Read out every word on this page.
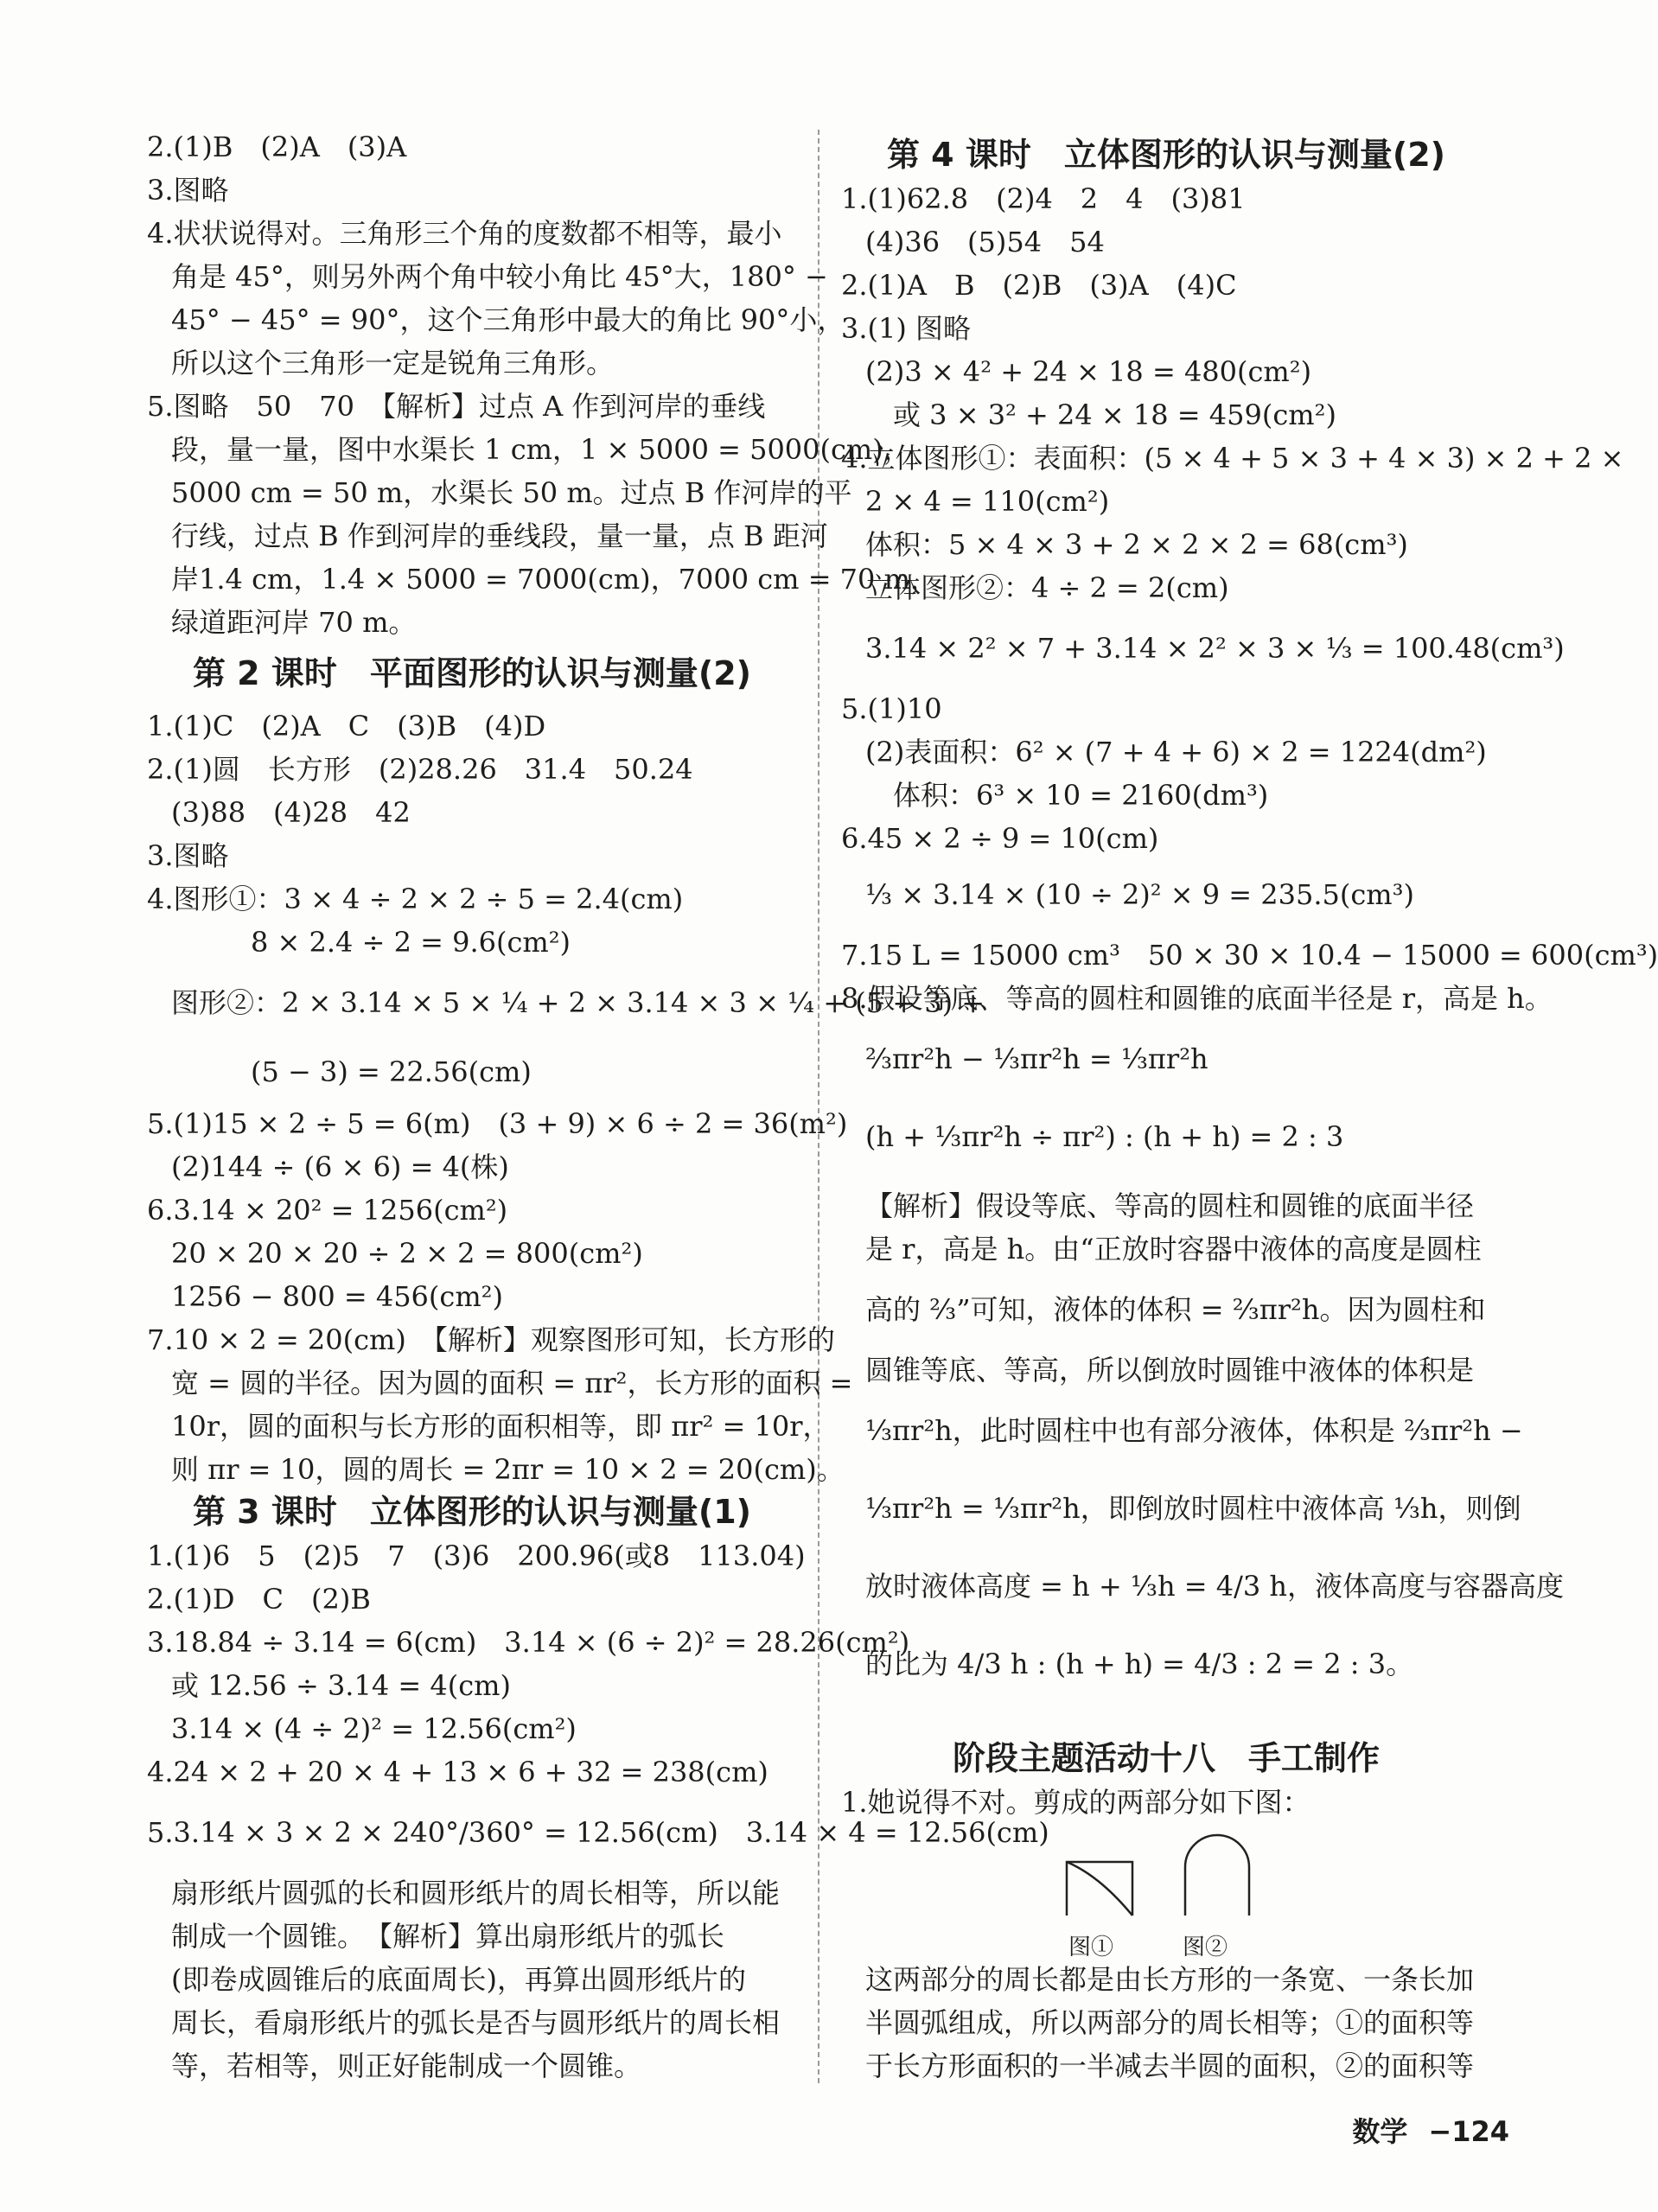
第 2 课时　平面图形的认识与测量(2)
第 3 课时　立体图形的认识与测量(1)
2.(1)B　(2)A　(3)A
3.图略
4.状状说得对。三角形三个角的度数都不相等，最小
角是 45°，则另外两个角中较小角比 45°大，180° −
45° − 45° = 90°，这个三角形中最大的角比 90°小，
所以这个三角形一定是锐角三角形。
5.图略　50　70　【解析】过点 A 作到河岸的垂线
段，量一量，图中水渠长 1 cm，1 × 5000 = 5000(cm)，
5000 cm = 50 m，水渠长 50 m。过点 B 作河岸的平
行线，过点 B 作到河岸的垂线段，量一量，点 B 距河
岸1.4 cm，1.4 × 5000 = 7000(cm)，7000 cm = 70 m，
绿道距河岸 70 m。
1.(1)C　(2)A　C　(3)B　(4)D
2.(1)圆　长方形　(2)28.26　31.4　50.24
(3)88　(4)28　42
3.图略
4.图形①：3 × 4 ÷ 2 × 2 ÷ 5 = 2.4(cm)
8 × 2.4 ÷ 2 = 9.6(cm²)
图形②：2 × 3.14 × 5 × ¼ + 2 × 3.14 × 3 × ¼ + (5 + 3) +
(5 − 3) = 22.56(cm)
5.(1)15 × 2 ÷ 5 = 6(m)　(3 + 9) × 6 ÷ 2 = 36(m²)
(2)144 ÷ (6 × 6) = 4(株)
6.3.14 × 20² = 1256(cm²)
20 × 20 × 20 ÷ 2 × 2 = 800(cm²)
1256 − 800 = 456(cm²)
7.10 × 2 = 20(cm)　【解析】观察图形可知，长方形的
宽 = 圆的半径。因为圆的面积 = πr²，长方形的面积 =
10r，圆的面积与长方形的面积相等，即 πr² = 10r，
则 πr = 10，圆的周长 = 2πr = 10 × 2 = 20(cm)。
1.(1)6　5　(2)5　7　(3)6　200.96(或8　113.04)
2.(1)D　C　(2)B
3.18.84 ÷ 3.14 = 6(cm)　3.14 × (6 ÷ 2)² = 28.26(cm²)
或 12.56 ÷ 3.14 = 4(cm)
3.14 × (4 ÷ 2)² = 12.56(cm²)
4.24 × 2 + 20 × 4 + 13 × 6 + 32 = 238(cm)
5.3.14 × 3 × 2 × 240°/360° = 12.56(cm)　3.14 × 4 = 12.56(cm)
扇形纸片圆弧的长和圆形纸片的周长相等，所以能
制成一个圆锥。　【解析】算出扇形纸片的弧长
(即卷成圆锥后的底面周长)，再算出圆形纸片的
周长，看扇形纸片的弧长是否与圆形纸片的周长相
等，若相等，则正好能制成一个圆锥。
图①	图②
第 4 课时　立体图形的认识与测量(2)
阶段主题活动十八　手工制作
1.(1)62.8　(2)4　2　4　(3)81
(4)36　(5)54　54
2.(1)A　B　(2)B　(3)A　(4)C
3.(1) 图略
(2)3 × 4² + 24 × 18 = 480(cm²)
或 3 × 3² + 24 × 18 = 459(cm²)
4.立体图形①：表面积：(5 × 4 + 5 × 3 + 4 × 3) × 2 + 2 ×
2 × 4 = 110(cm²)
体积：5 × 4 × 3 + 2 × 2 × 2 = 68(cm³)
立体图形②：4 ÷ 2 = 2(cm)
3.14 × 2² × 7 + 3.14 × 2² × 3 × ⅓ = 100.48(cm³)
5.(1)10
(2)表面积：6² × (7 + 4 + 6) × 2 = 1224(dm²)
体积：6³ × 10 = 2160(dm³)
6.45 × 2 ÷ 9 = 10(cm)
⅓ × 3.14 × (10 ÷ 2)² × 9 = 235.5(cm³)
7.15 L = 15000 cm³　50 × 30 × 10.4 − 15000 = 600(cm³)
8.假设等底、等高的圆柱和圆锥的底面半径是 r，高是 h。
⅔πr²h − ⅓πr²h = ⅓πr²h
(h + ⅓πr²h ÷ πr²) : (h + h) = 2 : 3
【解析】假设等底、等高的圆柱和圆锥的底面半径
是 r，高是 h。由“正放时容器中液体的高度是圆柱
高的 ⅔”可知，液体的体积 = ⅔πr²h。因为圆柱和
圆锥等底、等高，所以倒放时圆锥中液体的体积是
⅓πr²h，此时圆柱中也有部分液体，体积是 ⅔πr²h −
⅓πr²h = ⅓πr²h，即倒放时圆柱中液体高 ⅓h，则倒
放时液体高度 = h + ⅓h = 4/3 h，液体高度与容器高度
的比为 4/3 h : (h + h) = 4/3 : 2 = 2 : 3。
1.她说得不对。剪成的两部分如下图：
这两部分的周长都是由长方形的一条宽、一条长加
半圆弧组成，所以两部分的周长相等；①的面积等
于长方形面积的一半减去半圆的面积，②的面积等
数学 −124
